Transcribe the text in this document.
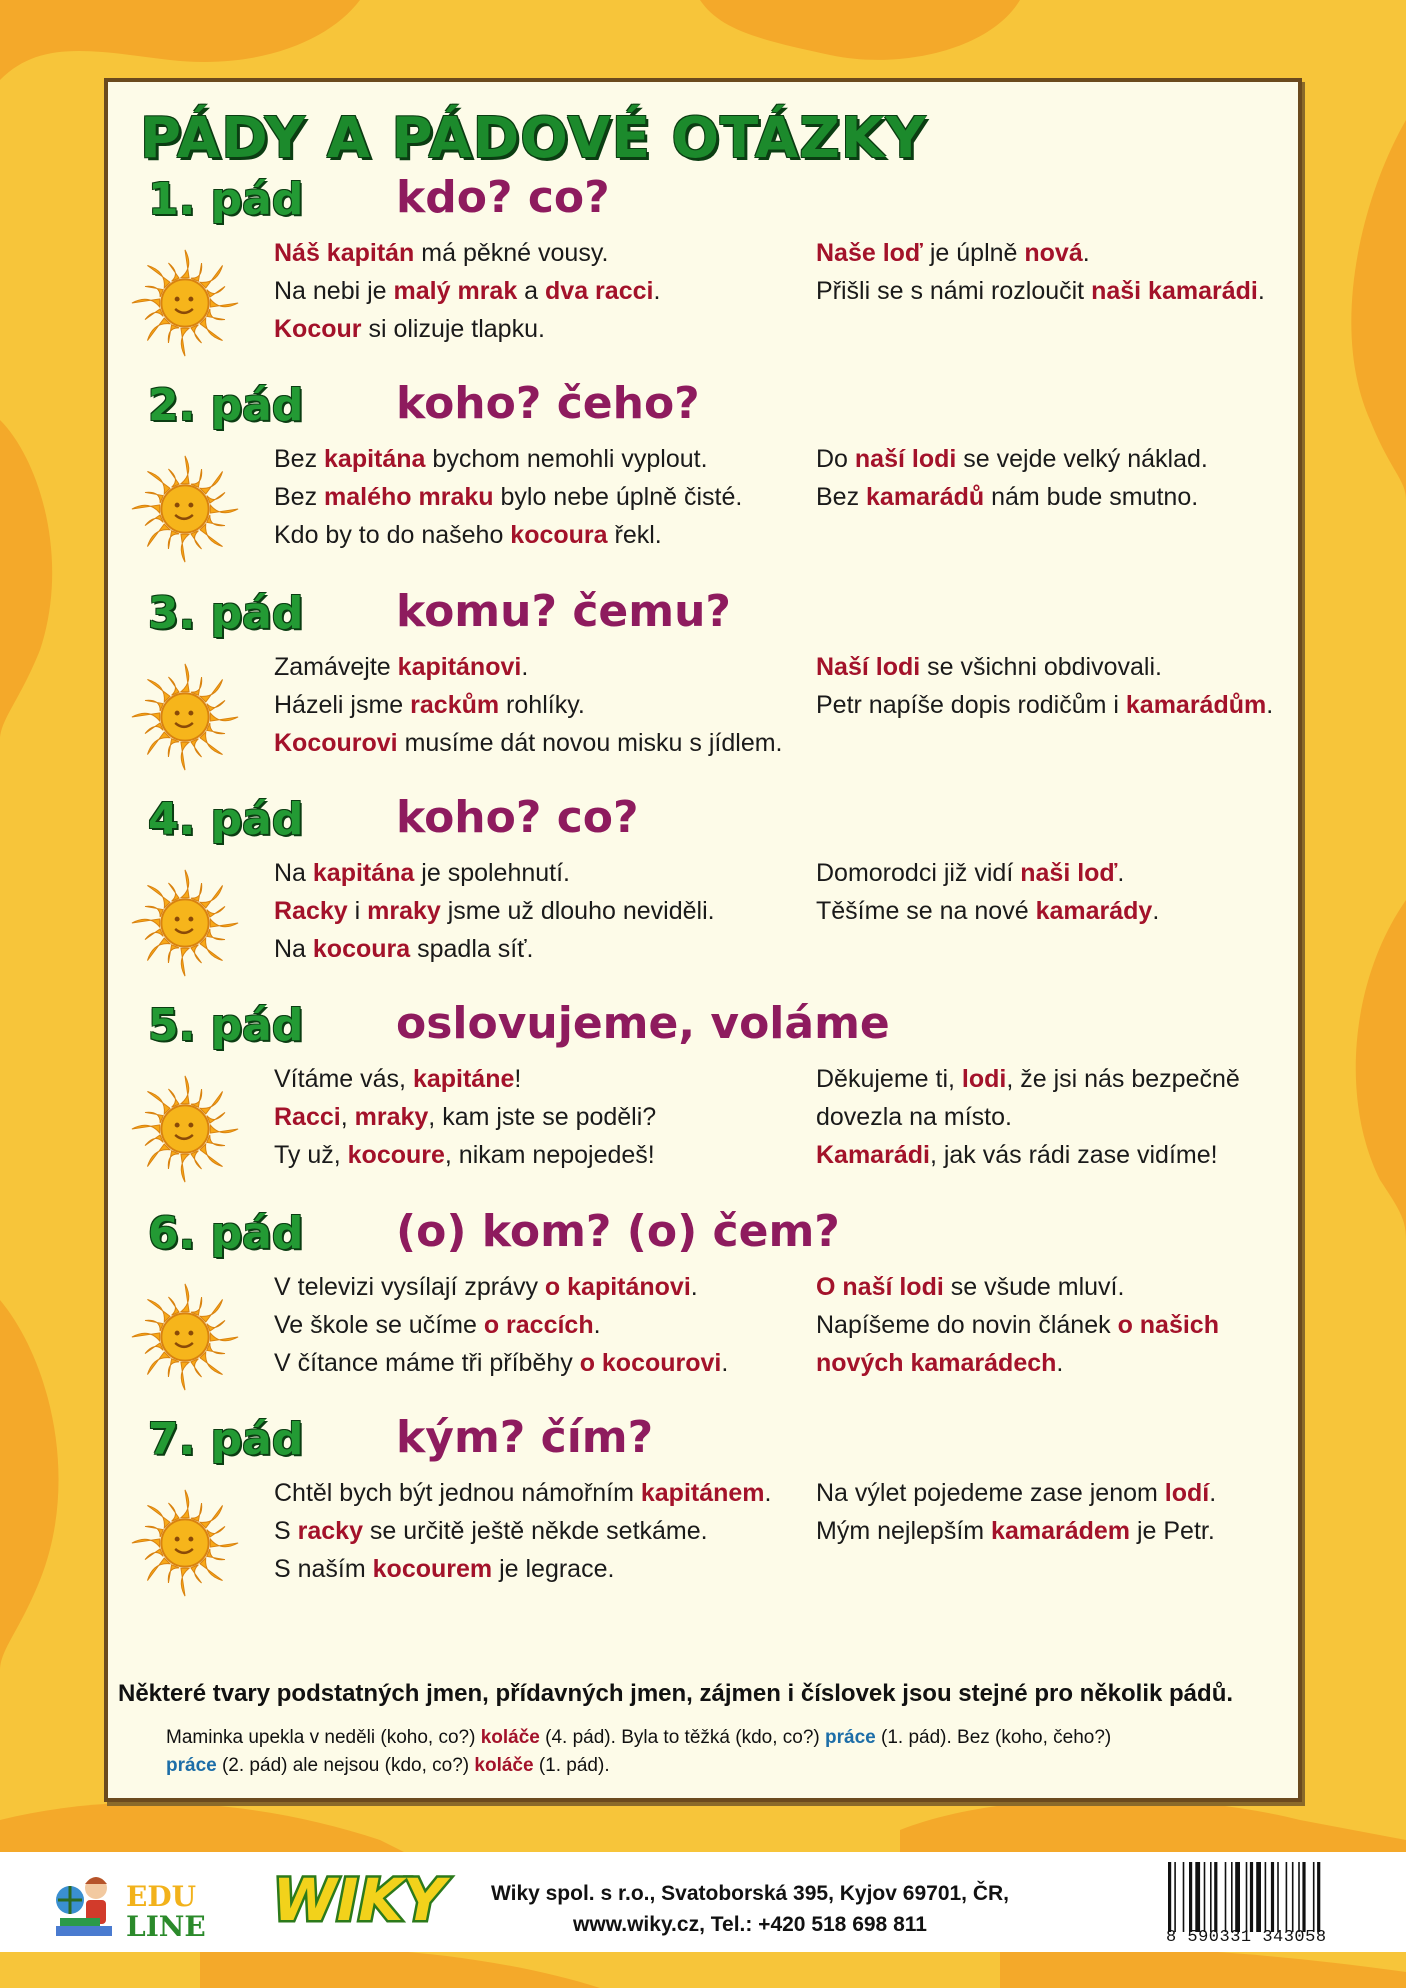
PÁDY A PÁDOVÉ OTÁZKY
1. pád kdo? co?
Náš kapitán má pěkné vousy.
Na nebi je malý mrak a dva racci.
Kocour si olizuje tlapku.
Naše loď je úplně nová.
Přišli se s námi rozloučit naši kamarádi.
2. pád koho? čeho?
Bez kapitána bychom nemohli vyplout.
Bez malého mraku bylo nebe úplně čisté.
Kdo by to do našeho kocoura řekl.
Do naší lodi se vejde velký náklad.
Bez kamarádů nám bude smutno.
3. pád komu? čemu?
Zamávejte kapitánovi.
Házeli jsme rackům rohlíky.
Kocourovi musíme dát novou misku s jídlem.
Naší lodi se všichni obdivovali.
Petr napíše dopis rodičům i kamarádům.
4. pád koho? co?
Na kapitána je spolehnutí.
Racky i mraky jsme už dlouho neviděli.
Na kocoura spadla síť.
Domorodci již vidí naši loď.
Těšíme se na nové kamarády.
5. pád oslovujeme, voláme
Vítáme vás, kapitáne!
Racci, mraky, kam jste se poděli?
Ty už, kocoure, nikam nepojedeš!
Děkujeme ti, lodi, že jsi nás bezpečně
dovezla na místo.
Kamarádi, jak vás rádi zase vidíme!
6. pád (o) kom? (o) čem?
V televizi vysílají zprávy o kapitánovi.
Ve škole se učíme o raccích.
V čítance máme tři příběhy o kocourovi.
O naší lodi se všude mluví.
Napíšeme do novin článek o našich
nových kamarádech.
7. pád kým? čím?
Chtěl bych být jednou námořním kapitánem.
S racky se určitě ještě někde setkáme.
S naším kocourem je legrace.
Na výlet pojedeme zase jenom lodí.
Mým nejlepším kamarádem je Petr.
Některé tvary podstatných jmen, přídavných jmen, zájmen i číslovek jsou stejné pro několik pádů.
Maminka upekla v neděli (koho, co?) koláče (4. pád). Byla to těžká (kdo, co?) práce (1. pád). Bez (koho, čeho?)
práce (2. pád) ale nejsou (kdo, co?) koláče (1. pád).
EDU
LINE WIKY Wiky spol. s r.o., Svatoborská 395, Kyjov 69701, ČR,
www.wiky.cz, Tel.: +420 518 698 811
8 590331 343058
